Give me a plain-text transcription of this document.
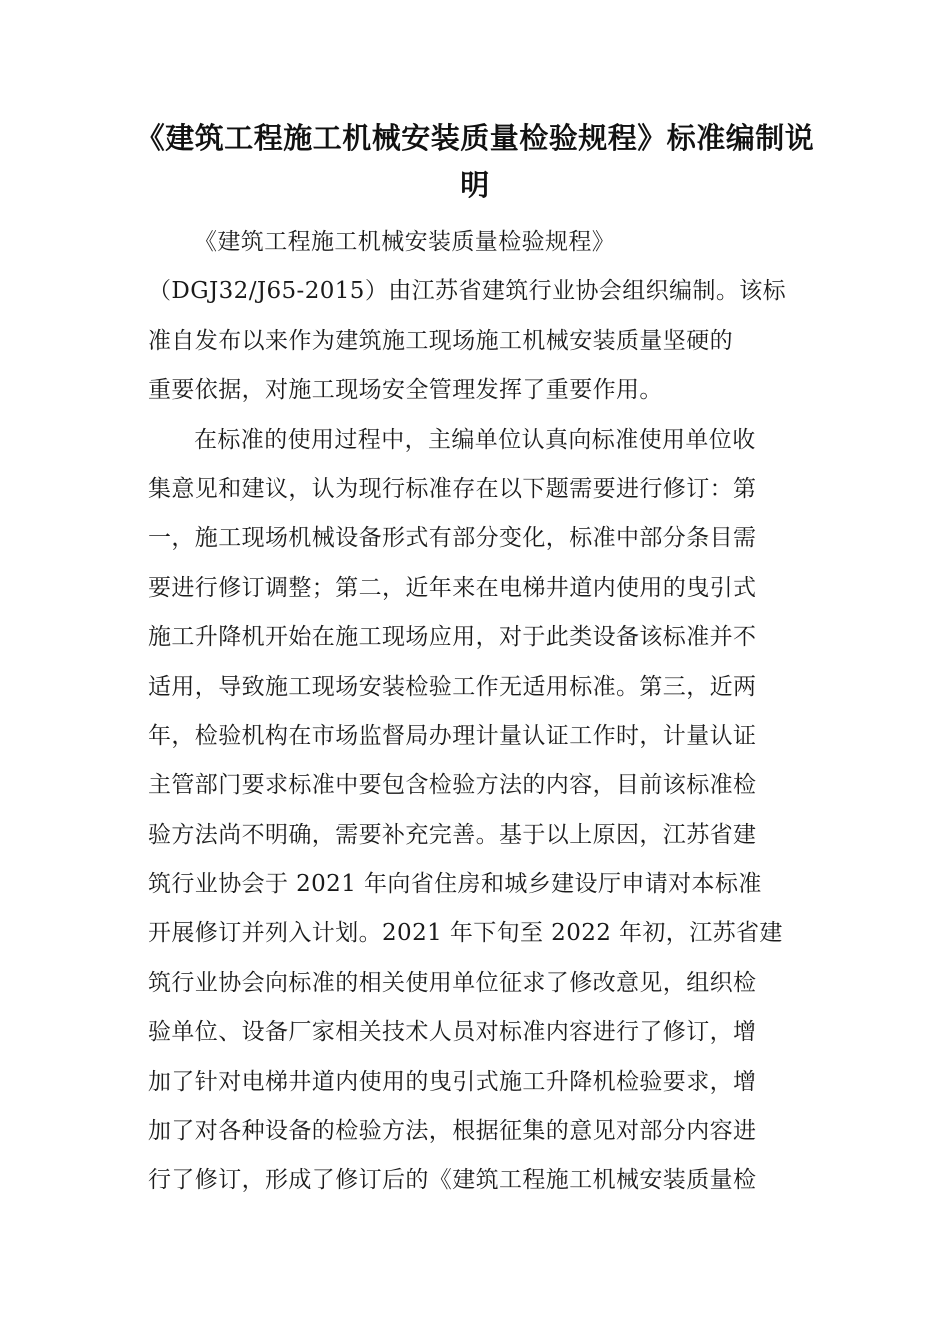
《建筑工程施工机械安装质量检验规程》标准编制说
明
《建筑工程施工机械安装质量检验规程》
（DGJ32/J65-2015）由江苏省建筑行业协会组织编制。该标
准自发布以来作为建筑施工现场施工机械安装质量坚硬的
重要依据，对施工现场安全管理发挥了重要作用。
在标准的使用过程中，主编单位认真向标准使用单位收
集意见和建议，认为现行标准存在以下题需要进行修订：第
一，施工现场机械设备形式有部分变化，标准中部分条目需
要进行修订调整；第二，近年来在电梯井道内使用的曳引式
施工升降机开始在施工现场应用，对于此类设备该标准并不
适用，导致施工现场安装检验工作无适用标准。第三，近两
年，检验机构在市场监督局办理计量认证工作时，计量认证
主管部门要求标准中要包含检验方法的内容，目前该标准检
验方法尚不明确，需要补充完善。基于以上原因，江苏省建
筑行业协会于 2021 年向省住房和城乡建设厅申请对本标准
开展修订并列入计划。2021 年下旬至 2022 年初，江苏省建
筑行业协会向标准的相关使用单位征求了修改意见，组织检
验单位、设备厂家相关技术人员对标准内容进行了修订，增
加了针对电梯井道内使用的曳引式施工升降机检验要求，增
加了对各种设备的检验方法，根据征集的意见对部分内容进
行了修订，形成了修订后的《建筑工程施工机械安装质量检
